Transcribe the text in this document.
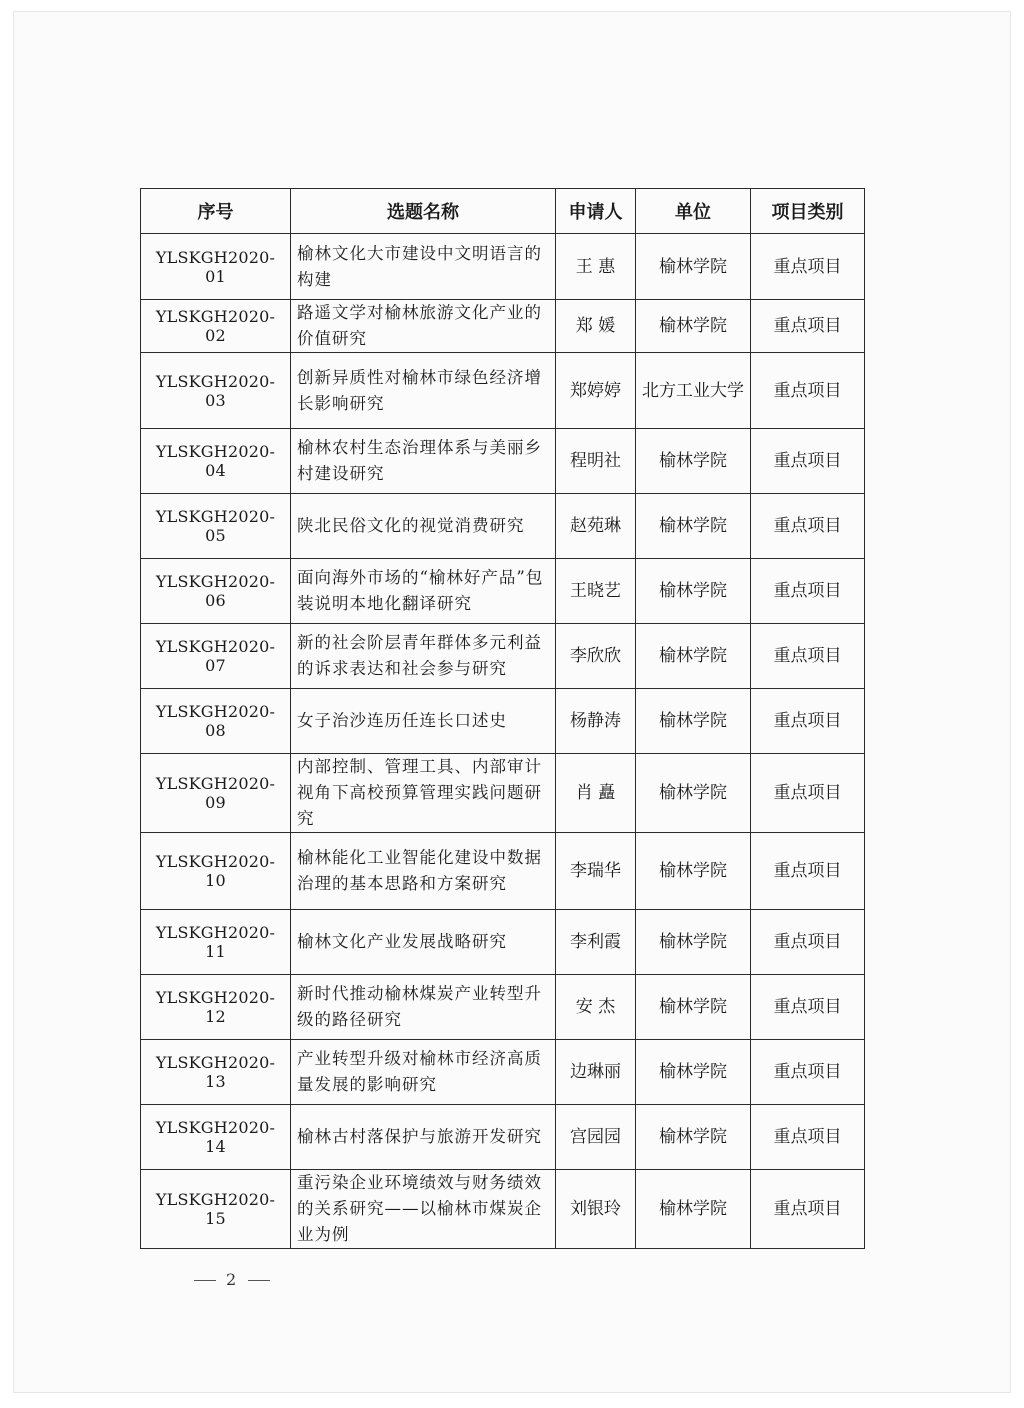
序号	选题名称	申请人	单位	项目类别
YLSKGH2020-01	榆林文化大市建设中文明语言的构建	王 惠	榆林学院	重点项目
YLSKGH2020-02	路遥文学对榆林旅游文化产业的价值研究	郑 媛	榆林学院	重点项目
YLSKGH2020-03	创新异质性对榆林市绿色经济增长影响研究	郑婷婷	北方工业大学	重点项目
YLSKGH2020-04	榆林农村生态治理体系与美丽乡村建设研究	程明社	榆林学院	重点项目
YLSKGH2020-05	陕北民俗文化的视觉消费研究	赵苑琳	榆林学院	重点项目
YLSKGH2020-06	面向海外市场的“榆林好产品”包装说明本地化翻译研究	王晓艺	榆林学院	重点项目
YLSKGH2020-07	新的社会阶层青年群体多元利益的诉求表达和社会参与研究	李欣欣	榆林学院	重点项目
YLSKGH2020-08	女子治沙连历任连长口述史	杨静涛	榆林学院	重点项目
YLSKGH2020-09	内部控制、管理工具、内部审计视角下高校预算管理实践问题研究	肖 矗	榆林学院	重点项目
YLSKGH2020-10	榆林能化工业智能化建设中数据治理的基本思路和方案研究	李瑞华	榆林学院	重点项目
YLSKGH2020-11	榆林文化产业发展战略研究	李利霞	榆林学院	重点项目
YLSKGH2020-12	新时代推动榆林煤炭产业转型升级的路径研究	安 杰	榆林学院	重点项目
YLSKGH2020-13	产业转型升级对榆林市经济高质量发展的影响研究	边琳丽	榆林学院	重点项目
YLSKGH2020-14	榆林古村落保护与旅游开发研究	宫园园	榆林学院	重点项目
YLSKGH2020-15	重污染企业环境绩效与财务绩效的关系研究——以榆林市煤炭企业为例	刘银玲	榆林学院	重点项目
2
